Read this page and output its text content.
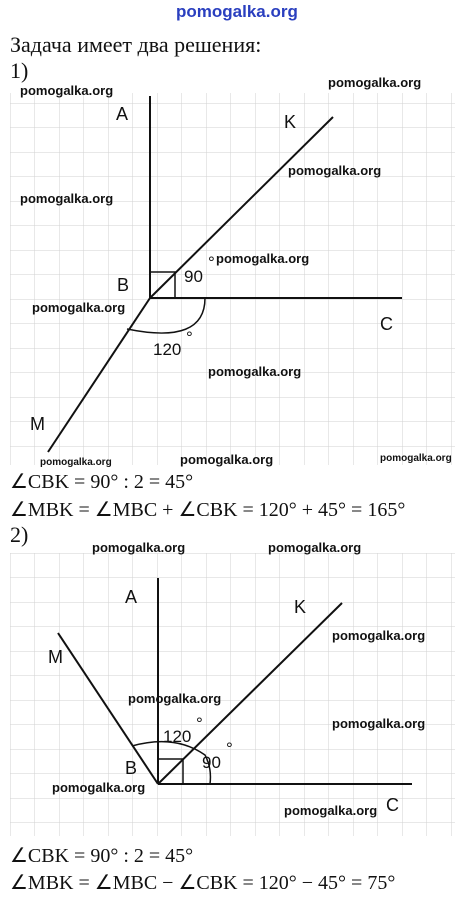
pomogalka.org
Задача имеет два решения:
1)
A	K
B
C
M
90
°
120
°
pomogalka.org
pomogalka.org
pomogalka.org
pomogalka.org
pomogalka.org
pomogalka.org
pomogalka.org
pomogalka.org	pomogalka.org	pomogalka.org
∠CBK = 90° : 2 = 45°
∠MBK = ∠MBC + ∠CBK = 120° + 45° = 165°
2)
A	K
M
B
120
°
90
°
pomogalka.org	pomogalka.org
pomogalka.org
pomogalka.org
pomogalka.org
pomogalka.org
pomogalka.org C
∠CBK = 90° : 2 = 45°
∠MBK = ∠MBC − ∠CBK = 120° − 45° = 75°
